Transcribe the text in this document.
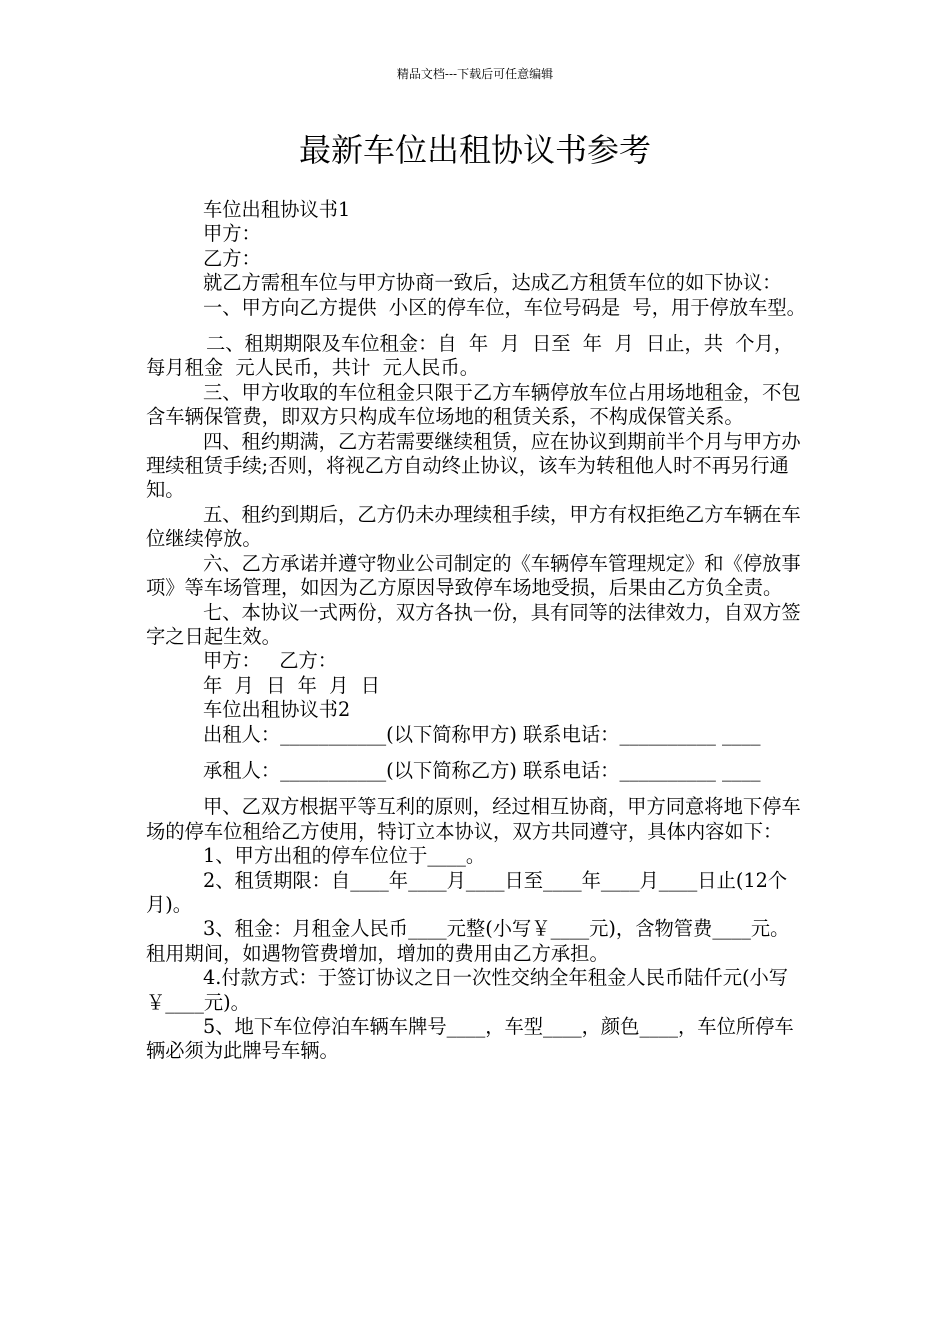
精品文档---下载后可任意编辑
最新车位出租协议书参考

车位出租协议书1

甲方：

乙方：

就乙方需租车位与甲方协商一致后，达成乙方租赁车位的如下协议：

一、甲方向乙方提供  小区的停车位，车位号码是  号，用于停放车型。

二、租期期限及车位租金：自  年  月  日至  年  月  日止，共  个月，每月租金  元人民币，共计  元人民币。

三、甲方收取的车位租金只限于乙方车辆停放车位占用场地租金，不包含车辆保管费，即双方只构成车位场地的租赁关系，不构成保管关系。

四、租约期满，乙方若需要继续租赁，应在协议到期前半个月与甲方办理续租赁手续;否则，将视乙方自动终止协议，该车为转租他人时不再另行通知。

五、租约到期后，乙方仍未办理续租手续，甲方有权拒绝乙方车辆在车位继续停放。

六、乙方承诺并遵守物业公司制定的《车辆停车管理规定》和《停放事项》等车场管理，如因为乙方原因导致停车场地受损，后果由乙方负全责。

七、本协议一式两份，双方各执一份，具有同等的法律效力，自双方签字之日起生效。

甲方：   乙方：

年  月  日  年  月  日

车位出租协议书2

出租人：___________(以下简称甲方) 联系电话：__________ ____

承租人：___________(以下简称乙方) 联系电话：__________ ____

甲、乙双方根据平等互利的原则，经过相互协商，甲方同意将地下停车场的停车位租给乙方使用，特订立本协议，双方共同遵守，具体内容如下：

1、甲方出租的停车位位于____。

2、租赁期限：自____年____月____日至____年____月____日止(12个月)。

3、租金：月租金人民币____元整(小写￥____元)，含物管费____元。租用期间，如遇物管费增加，增加的费用由乙方承担。

4.付款方式：于签订协议之日一次性交纳全年租金人民币陆仟元(小写￥____元)。

5、地下车位停泊车辆车牌号____，车型____，颜色____，车位所停车辆必须为此牌号车辆。
